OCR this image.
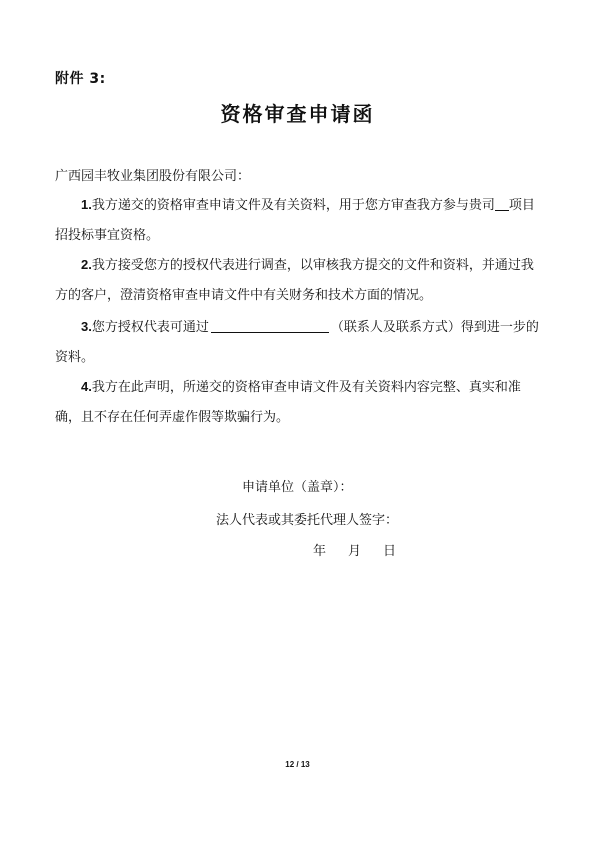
附件 3:
资格审查申请函
广西园丰牧业集团股份有限公司：
1.我方递交的资格审查申请文件及有关资料，用于您方审查我方参与贵司 项目招投标事宜资格。
2.我方接受您方的授权代表进行调查，以审核我方提交的文件和资料，并通过我方的客户，澄清资格审查申请文件中有关财务和技术方面的情况。
3.您方授权代表可通过	（联系人及联系方式）得到进一步的资料。
4.我方在此声明，所递交的资格审查申请文件及有关资料内容完整、真实和准确，且不存在任何弄虚作假等欺骗行为。
申请单位（盖章）：
法人代表或其委托代理人签字：
年 月 日
12 / 13
